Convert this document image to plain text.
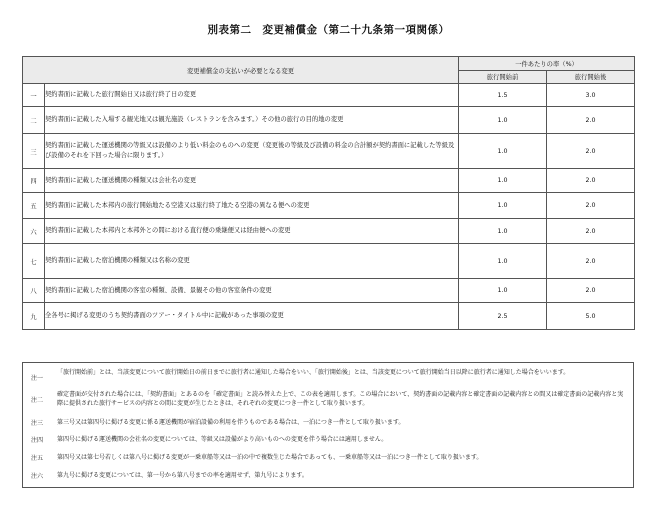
別表第二　変更補償金（第二十九条第一項関係）
変更補償金の支払いが必要となる変更		一件あたりの率（%）	
		旅行開始前	旅行開始後
一	契約書面に記載した旅行開始日又は旅行終了日の変更	1.5	3.0
二	契約書面に記載した入場する観光地又は観光施設（レストランを含みます。）その他の旅行の目的地の変更	1.0	2.0
三	契約書面に記載した運送機関の等級又は設備のより低い料金のものへの変更（変更後の等級及び設備の料金の合計額が契約書面に記載した等級及び設備のそれを下回った場合に限ります。）	1.0	2.0
四	契約書面に記載した運送機関の種類又は会社名の変更	1.0	2.0
五	契約書面に記載した本邦内の旅行開始地たる空港又は旅行終了地たる空港の異なる便への変更	1.0	2.0
六	契約書面に記載した本邦内と本邦外との間における直行便の乗継便又は経由便への変更	1.0	2.0
七	契約書面に記載した宿泊機関の種類又は名称の変更	1.0	2.0
八	契約書面に記載した宿泊機関の客室の種類、設備、景観その他の客室条件の変更	1.0	2.0
九	全各号に掲げる変更のうち契約書面のツアー・タイトル中に記載があった事項の変更	2.5	5.0
注一
「旅行開始前」とは、当該変更について旅行開始日の前日までに旅行者に通知した場合をいい、「旅行開始後」とは、当該変更について旅行開始当日以降に旅行者に通知した場合をいいます。
注二
確定書面が交付された場合には、「契約書面」とあるのを「確定書面」と読み替えた上で、この表を適用します。この場合において、契約書面の記載内容と確定書面の記載内容との間又は確定書面の記載内容と実際に提供された旅行サービスの内容との間に変更が生じたときは、それぞれの変更につき一件として取り扱います。
注三	第三号又は第四号に掲げる変更に係る運送機関が宿泊設備の利用を伴うものである場合は、一泊につき一件として取り扱います。
注四	第四号に掲げる運送機関の会社名の変更については、等級又は設備がより高いものへの変更を伴う場合には適用しません。
注五	第四号又は第七号若しくは第八号に掲げる変更が一乗車船等又は一泊の中で複数生じた場合であっても、一乗車船等又は一泊につき一件として取り扱います。
注六	第九号に掲げる変更については、第一号から第八号までの率を適用せず、第九号によります。
